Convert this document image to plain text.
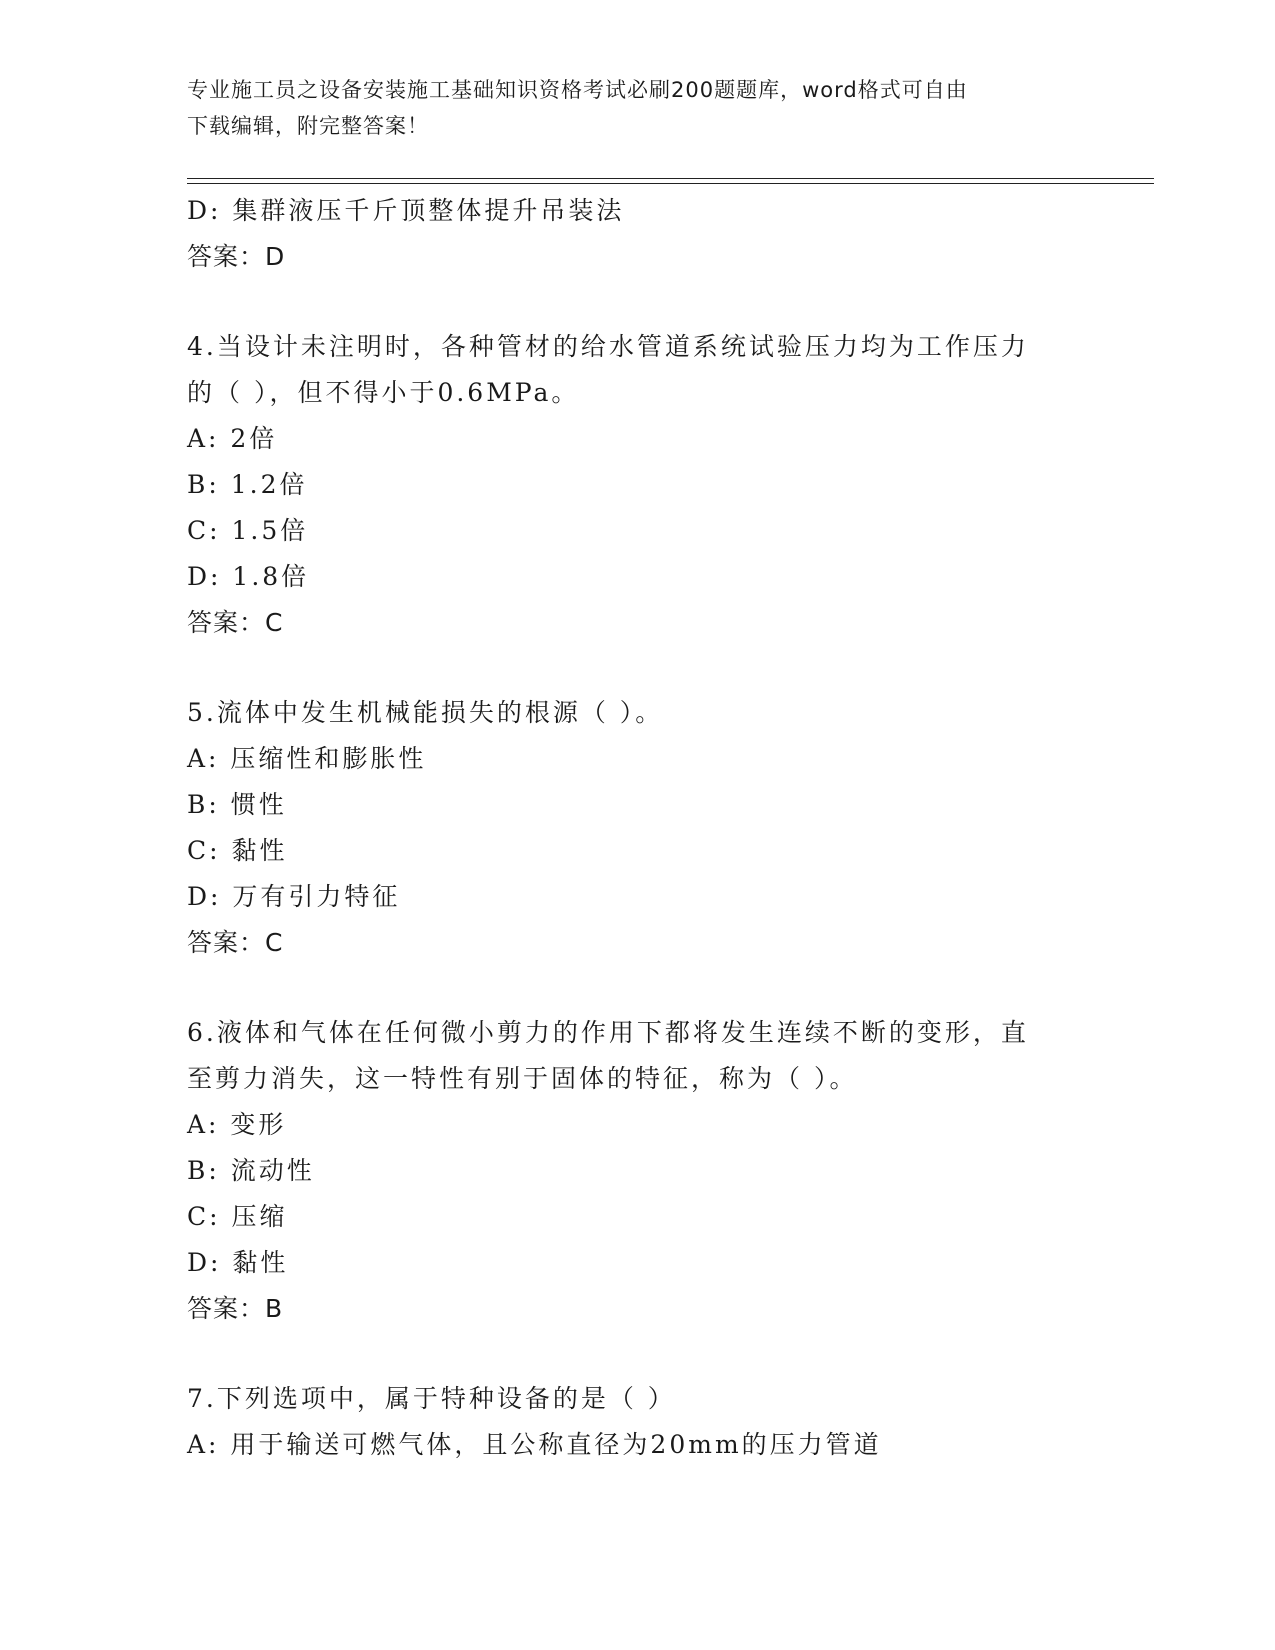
专业施工员之设备安装施工基础知识资格考试必刷200题题库，word格式可自由
下载编辑，附完整答案！
D: 集群液压千斤顶整体提升吊装法
答案：D
4.当设计未注明时，各种管材的给水管道系统试验压力均为工作压力
的（ ），但不得小于0.6MPa。
A: 2倍
B: 1.2倍
C: 1.5倍
D: 1.8倍
答案：C
5.流体中发生机械能损失的根源（ ）。
A: 压缩性和膨胀性
B: 惯性
C: 黏性
D: 万有引力特征
答案：C
6.液体和气体在任何微小剪力的作用下都将发生连续不断的变形，直
至剪力消失，这一特性有别于固体的特征，称为（ ）。
A: 变形
B: 流动性
C: 压缩
D: 黏性
答案：B
7.下列选项中，属于特种设备的是（ ）
A: 用于输送可燃气体，且公称直径为20mm的压力管道
